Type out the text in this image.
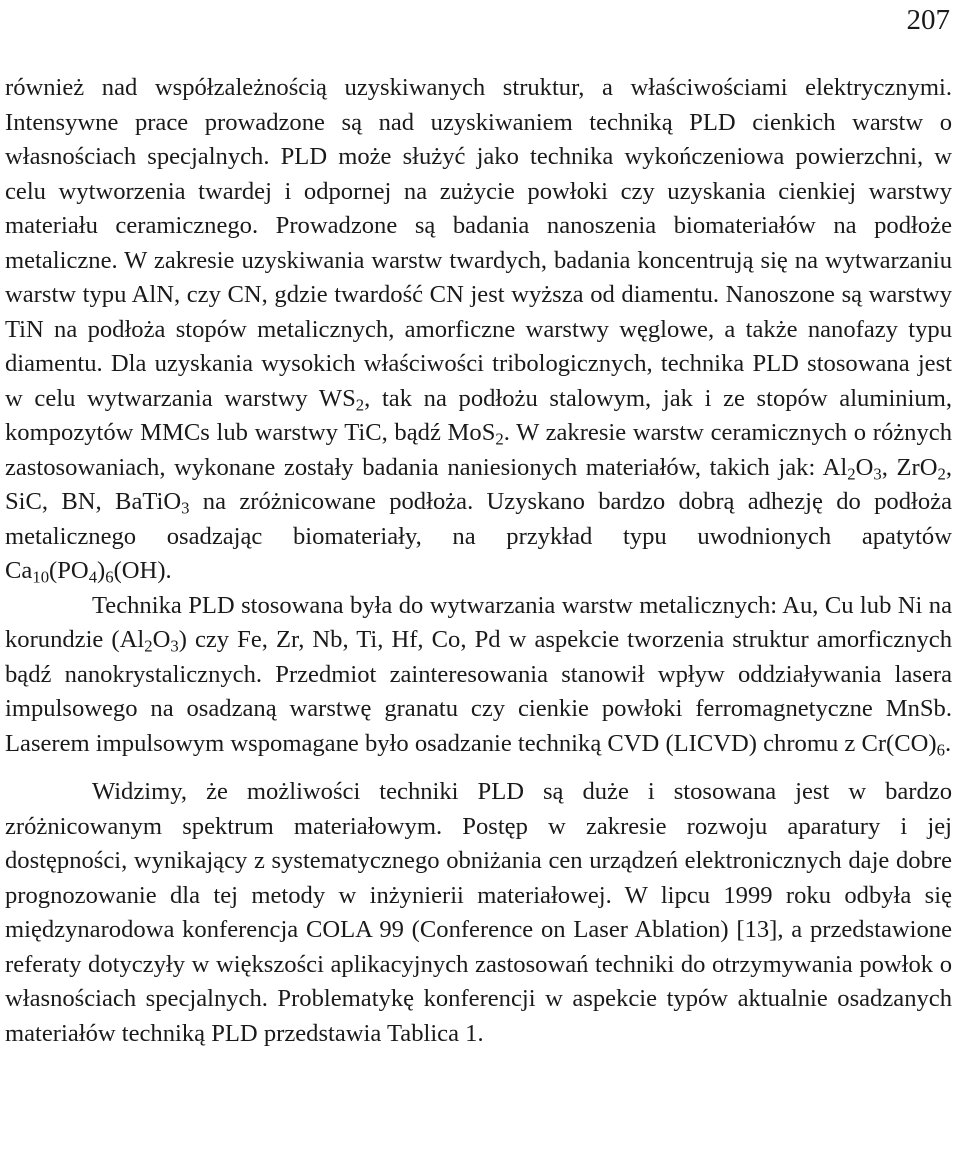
207

również nad współzależnością uzyskiwanych struktur, a właściwościami elektrycznymi. Intensywne prace prowadzone są nad uzyskiwaniem techniką PLD cienkich warstw o własnościach specjalnych. PLD może służyć jako technika wykończeniowa powierzchni, w celu wytworzenia twardej i odpornej na zużycie powłoki czy uzyskania cienkiej warstwy materiału ceramicznego. Prowadzone są badania nanoszenia biomateriałów na podłoże metaliczne. W zakresie uzyskiwania warstw twardych, badania koncentrują się na wytwarzaniu warstw typu AlN, czy CN, gdzie twardość CN jest wyższa od diamentu. Nanoszone są warstwy TiN na podłoża stopów metalicznych, amorficzne warstwy węglowe, a także nanofazy typu diamentu. Dla uzyskania wysokich właściwości tribologicznych, technika PLD stosowana jest w celu wytwarzania warstwy $WS_2$, tak na podłożu stalowym, jak i ze stopów aluminium, kompozytów MMCs lub warstwy TiC, bądź MoS$_2$. W zakresie warstw ceramicznych o różnych zastosowaniach, wykonane zostały badania naniesionych materiałów, takich jak: $Al_2O_3$, ZrO$_2$, SiC, BN, BaTiO$_3$ na zróżnicowane podłoża. Uzyskano bardzo dobrą adhezję do podłoża metalicznego osadzając biomateriały, na przykład typu uwodnionych apatytów $Ca_{10}(PO_4)_6(OH)$.

Technika PLD stosowana była do wytwarzania warstw metalicznych: Au, Cu lub Ni na korundzie $(Al_2O_3)$ czy Fe, Zr, Nb, Ti, Hf, Co, Pd w aspekcie tworzenia struktur amorficznych bądź nanokrystalicznych. Przedmiot zainteresowania stanowił wpływ oddziaływania lasera impulsowego na osadzaną warstwę granatu czy cienkie powłoki ferromagnetyczne MnSb. Laserem impulsowym wspomagane było osadzanie techniką CVD (LICVD) chromu z $Cr(CO)_6$.

Widzimy, że możliwości techniki PLD są duże i stosowana jest w bardzo zróżnicowanym spektrum materiałowym. Postęp w zakresie rozwoju aparatury i jej dostępności, wynikający z systematycznego obniżania cen urządzeń elektronicznych daje dobre prognozowanie dla tej metody w inżynierii materiałowej. W lipcu 1999 roku odbyła się międzynarodowa konferencja COLA 99 (Conference on Laser Ablation) [13], a przedstawione referaty dotyczyły w większości aplikacyjnych zastosowań techniki do otrzymywania powłok o własnościach specjalnych. Problematykę konferencji w aspekcie typów aktualnie osadzanych materiałów techniką PLD przedstawia Tablica 1.
